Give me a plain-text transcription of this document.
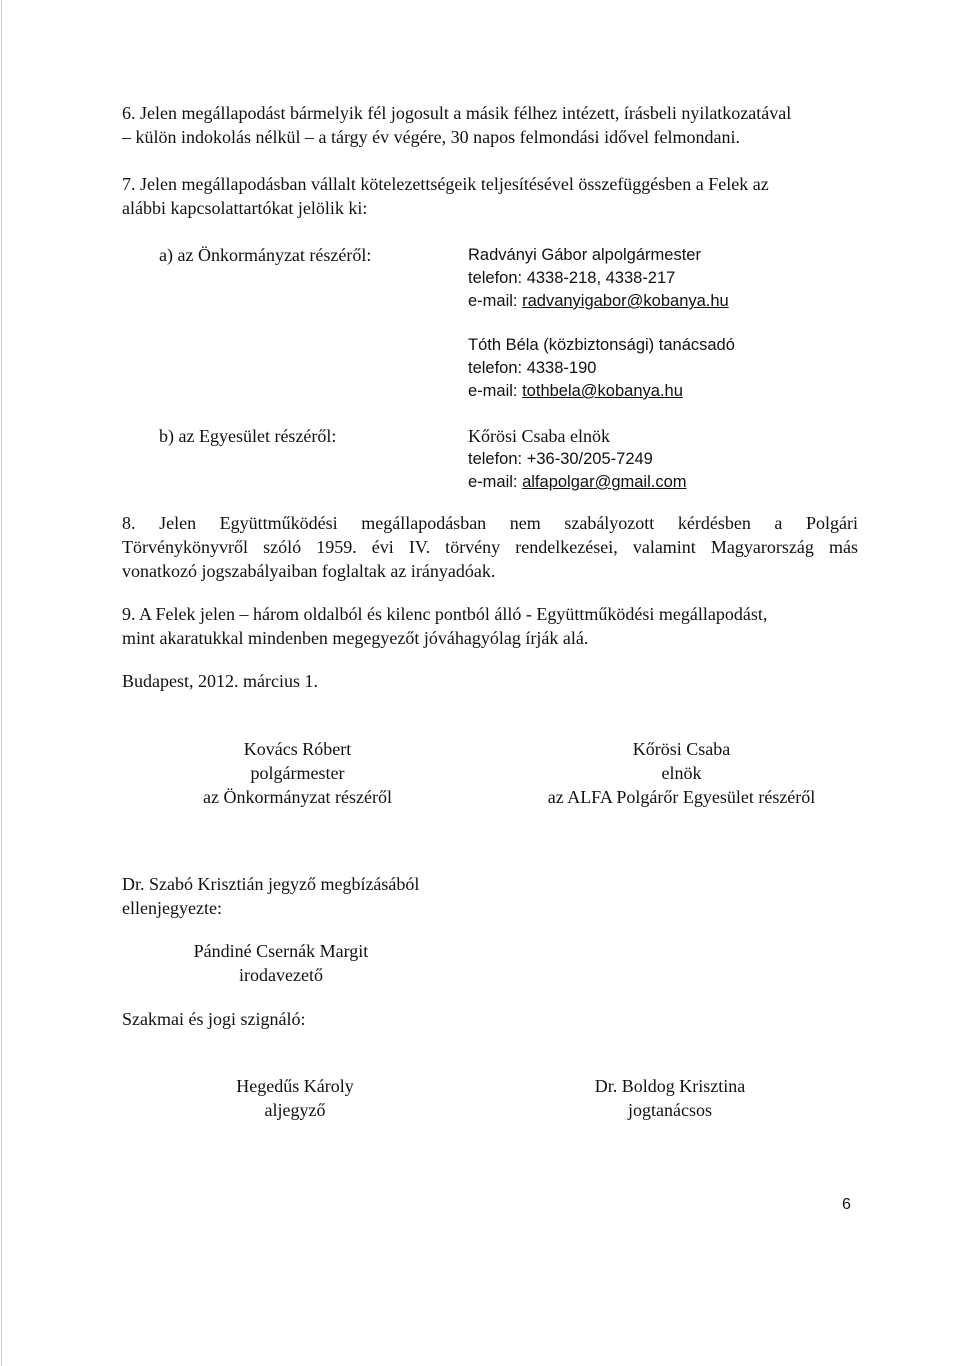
6. Jelen megállapodást bármelyik fél jogosult a másik félhez intézett, írásbeli nyilatkozatával
– külön indokolás nélkül – a tárgy év végére, 30 napos felmondási idővel felmondani.
7. Jelen megállapodásban vállalt kötelezettségeik teljesítésével összefüggésben a Felek az
alábbi kapcsolattartókat jelölik ki:
a) az Önkormányzat részéről:	Radványi Gábor alpolgármester
telefon: 4338-218, 4338-217
e-mail: radvanyigabor@kobanya.hu
Tóth Béla (közbiztonsági) tanácsadó
telefon: 4338-190
e-mail: tothbela@kobanya.hu
b) az Egyesület részéről:	Kőrösi Csaba elnök
telefon: +36-30/205-7249
e-mail: alfapolgar@gmail.com
8. Jelen Együttműködési megállapodásban nem szabályozott kérdésben a Polgári
Törvénykönyvről szóló 1959. évi IV. törvény rendelkezései, valamint Magyarország más
vonatkozó jogszabályaiban foglaltak az irányadóak.
9. A Felek jelen – három oldalból és kilenc pontból álló - Együttműködési megállapodást,
mint akaratukkal mindenben megegyezőt jóváhagyólag írják alá.
Budapest, 2012. március 1.
Kovács Róbert
polgármester
az Önkormányzat részéről
Kőrösi Csaba
elnök
az ALFA Polgárőr Egyesület részéről
Dr. Szabó Krisztián jegyző megbízásából
ellenjegyezte:
Pándiné Csernák Margit
irodavezető
Szakmai és jogi szignáló:
Hegedűs Károly
aljegyző
Dr. Boldog Krisztina
jogtanácsos
6
